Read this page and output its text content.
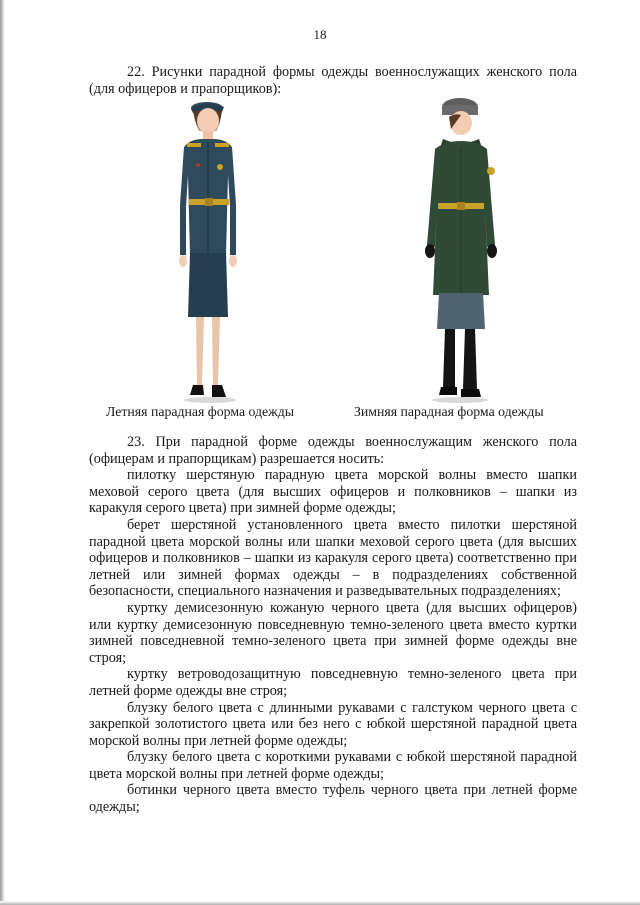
18

22. Рисунки парадной формы одежды военнослужащих женского пола (для офицеров и прапорщиков):

Летняя парадная форма одежды	Зимняя парадная форма одежды

23. При парадной форме одежды военнослужащим женского пола (офицерам и прапорщикам) разрешается носить:

пилотку шерстяную парадную цвета морской волны вместо шапки меховой серого цвета (для высших офицеров и полковников – шапки из каракуля серого цвета) при зимней форме одежды;

берет шерстяной установленного цвета вместо пилотки шерстяной парадной цвета морской волны или шапки меховой серого цвета (для высших офицеров и полковников – шапки из каракуля серого цвета) соответственно при летней или зимней формах одежды – в подразделениях собственной безопасности, специального назначения и разведывательных подразделениях;

куртку демисезонную кожаную черного цвета (для высших офицеров) или куртку демисезонную повседневную темно-зеленого цвета вместо куртки зимней повседневной темно-зеленого цвета при зимней форме одежды вне строя;

куртку ветроводозащитную повседневную темно-зеленого цвета при летней форме одежды вне строя;

блузку белого цвета с длинными рукавами с галстуком черного цвета с закрепкой золотистого цвета или без него с юбкой шерстяной парадной цвета морской волны при летней форме одежды;

блузку белого цвета с короткими рукавами с юбкой шерстяной парадной цвета морской волны при летней форме одежды;

ботинки черного цвета вместо туфель черного цвета при летней форме одежды;
